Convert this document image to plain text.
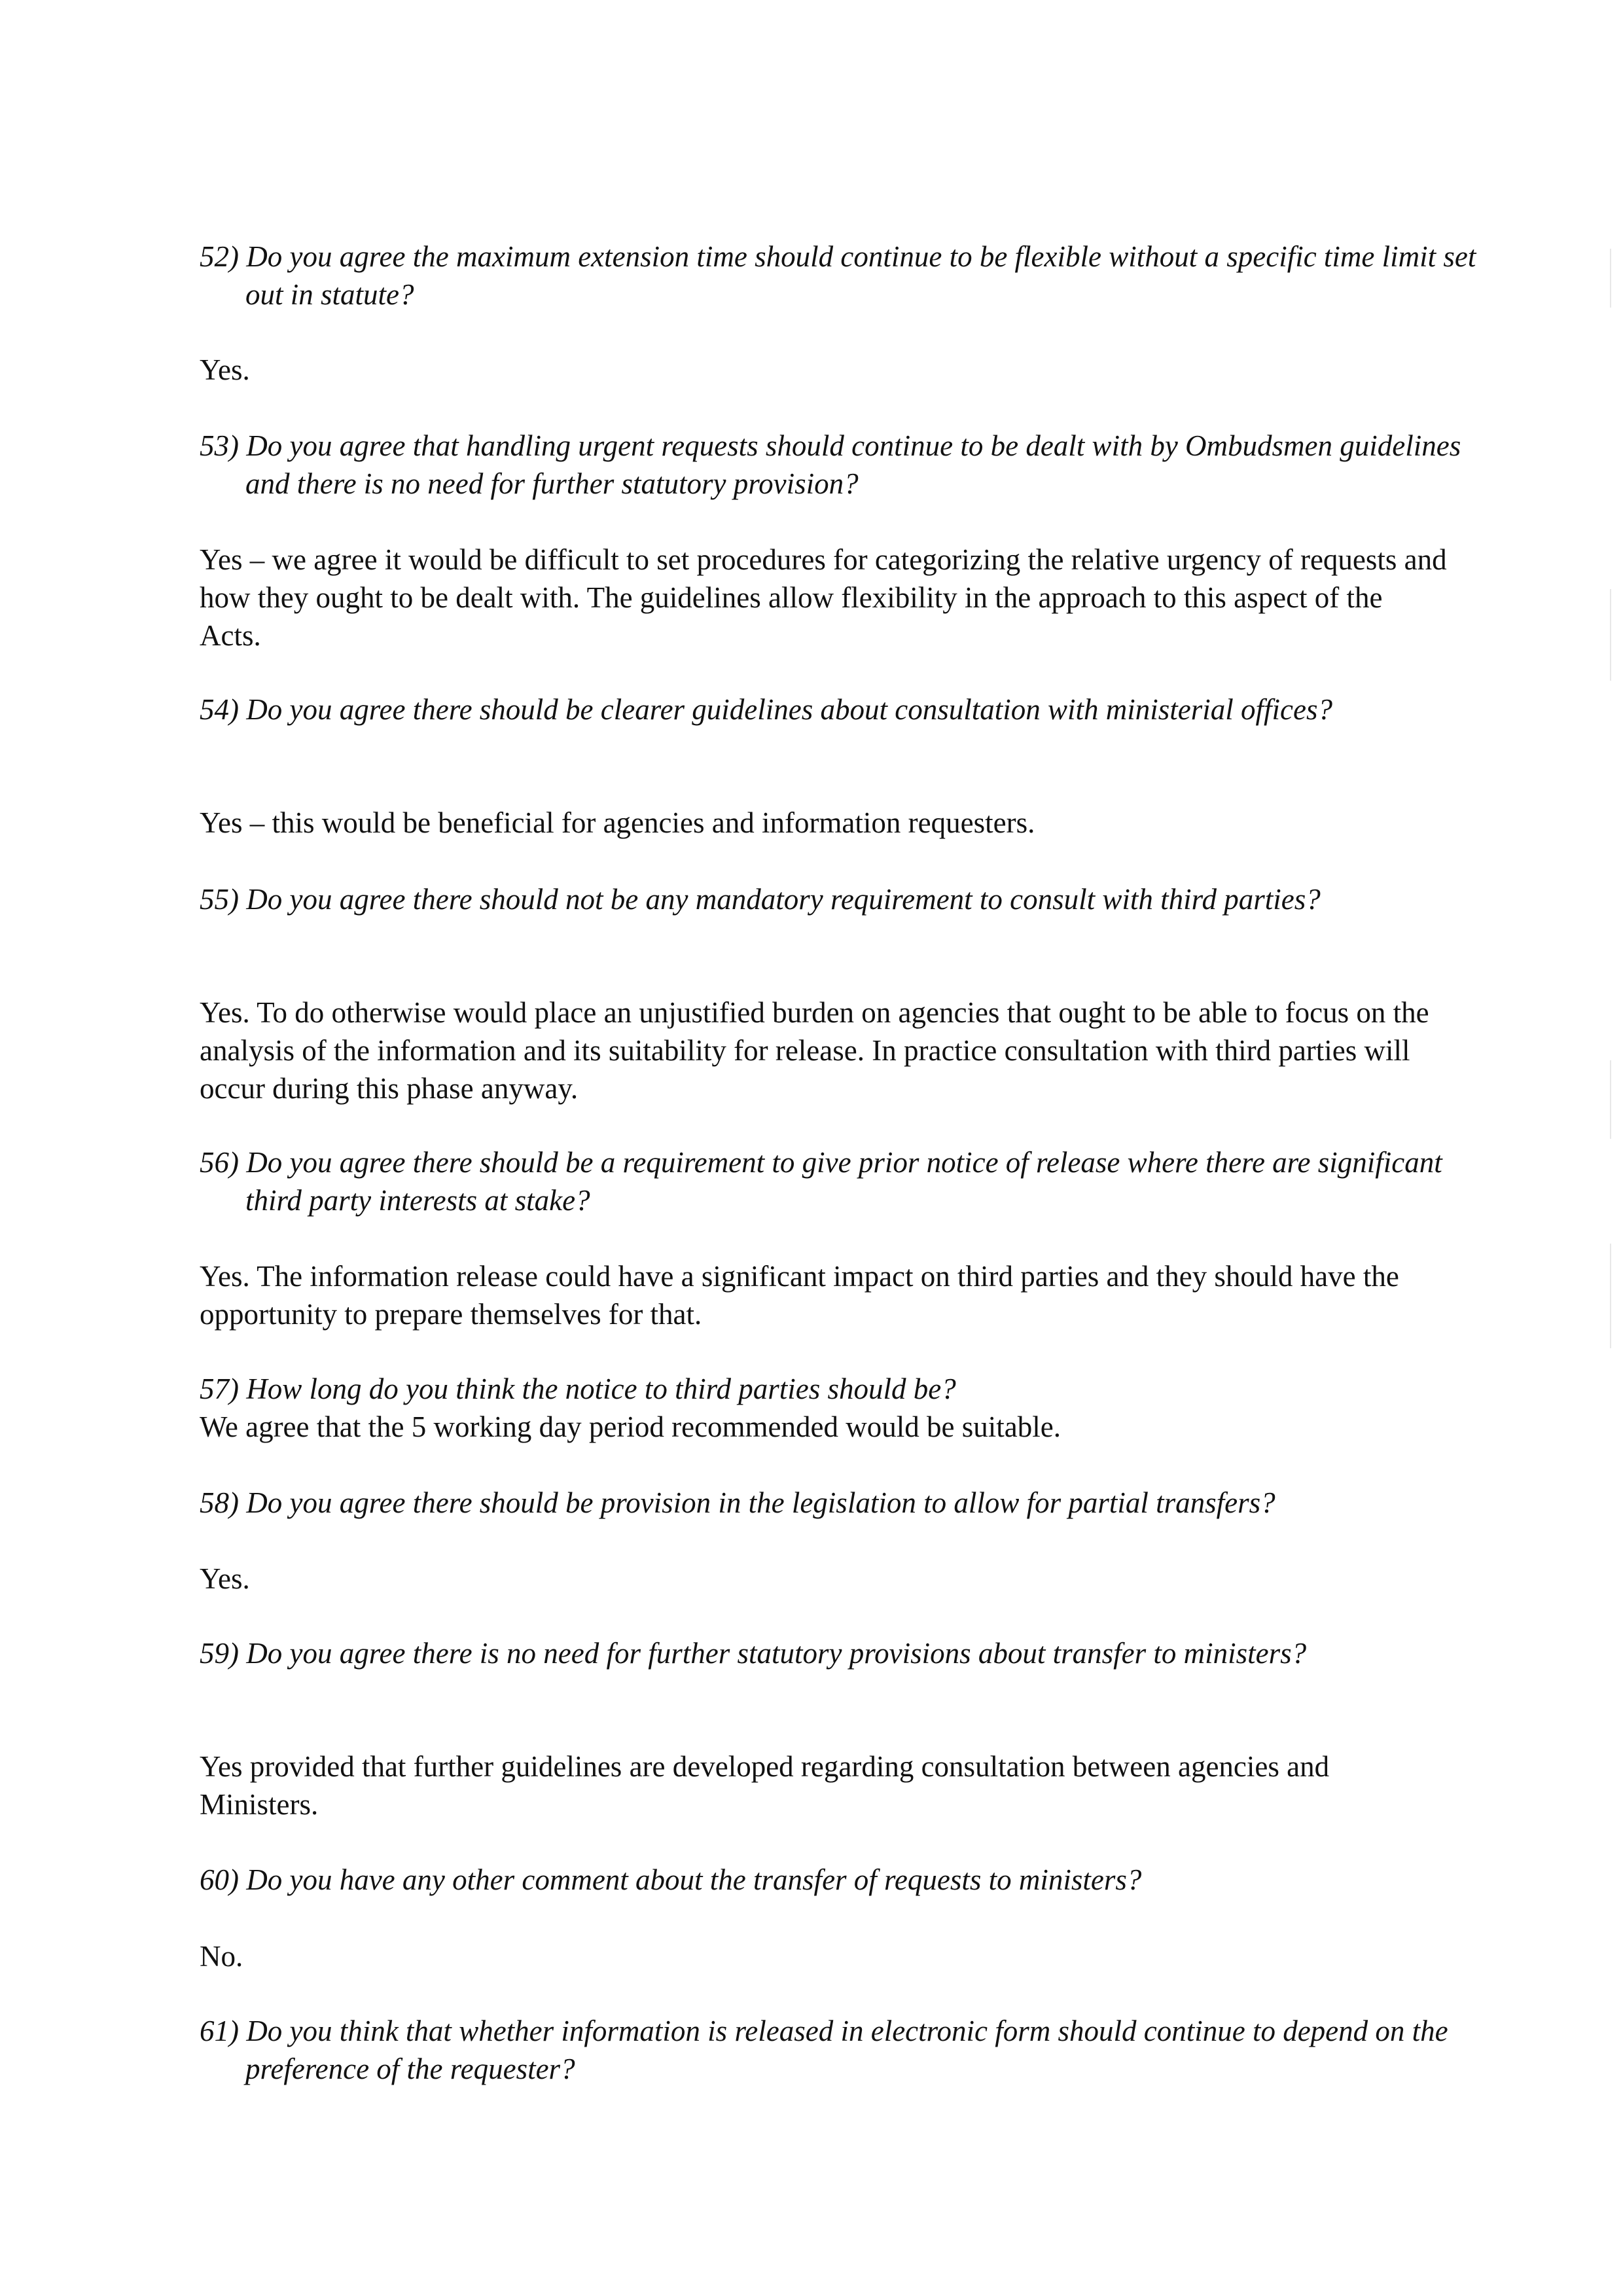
52) Do you agree the maximum extension time should continue to be flexible without a specific time limit set out in statute?
Yes.
53) Do you agree that handling urgent requests should continue to be dealt with by Ombudsmen guidelines and there is no need for further statutory provision?
Yes – we agree it would be difficult to set procedures for categorizing the relative urgency of requests and how they ought to be dealt with. The guidelines allow flexibility in the approach to this aspect of the Acts.
54) Do you agree there should be clearer guidelines about consultation with ministerial offices?
Yes – this would be beneficial for agencies and information requesters.
55) Do you agree there should not be any mandatory requirement to consult with third parties?
Yes. To do otherwise would place an unjustified burden on agencies that ought to be able to focus on the analysis of the information and its suitability for release. In practice consultation with third parties will occur during this phase anyway.
56) Do you agree there should be a requirement to give prior notice of release where there are significant third party interests at stake?
Yes. The information release could have a significant impact on third parties and they should have the opportunity to prepare themselves for that.
57) How long do you think the notice to third parties should be?
We agree that the 5 working day period recommended would be suitable.
58) Do you agree there should be provision in the legislation to allow for partial transfers?
Yes.
59) Do you agree there is no need for further statutory provisions about transfer to ministers?
Yes provided that further guidelines are developed regarding consultation between agencies and Ministers.
60) Do you have any other comment about the transfer of requests to ministers?
No.
61) Do you think that whether information is released in electronic form should continue to depend on the preference of the requester?
